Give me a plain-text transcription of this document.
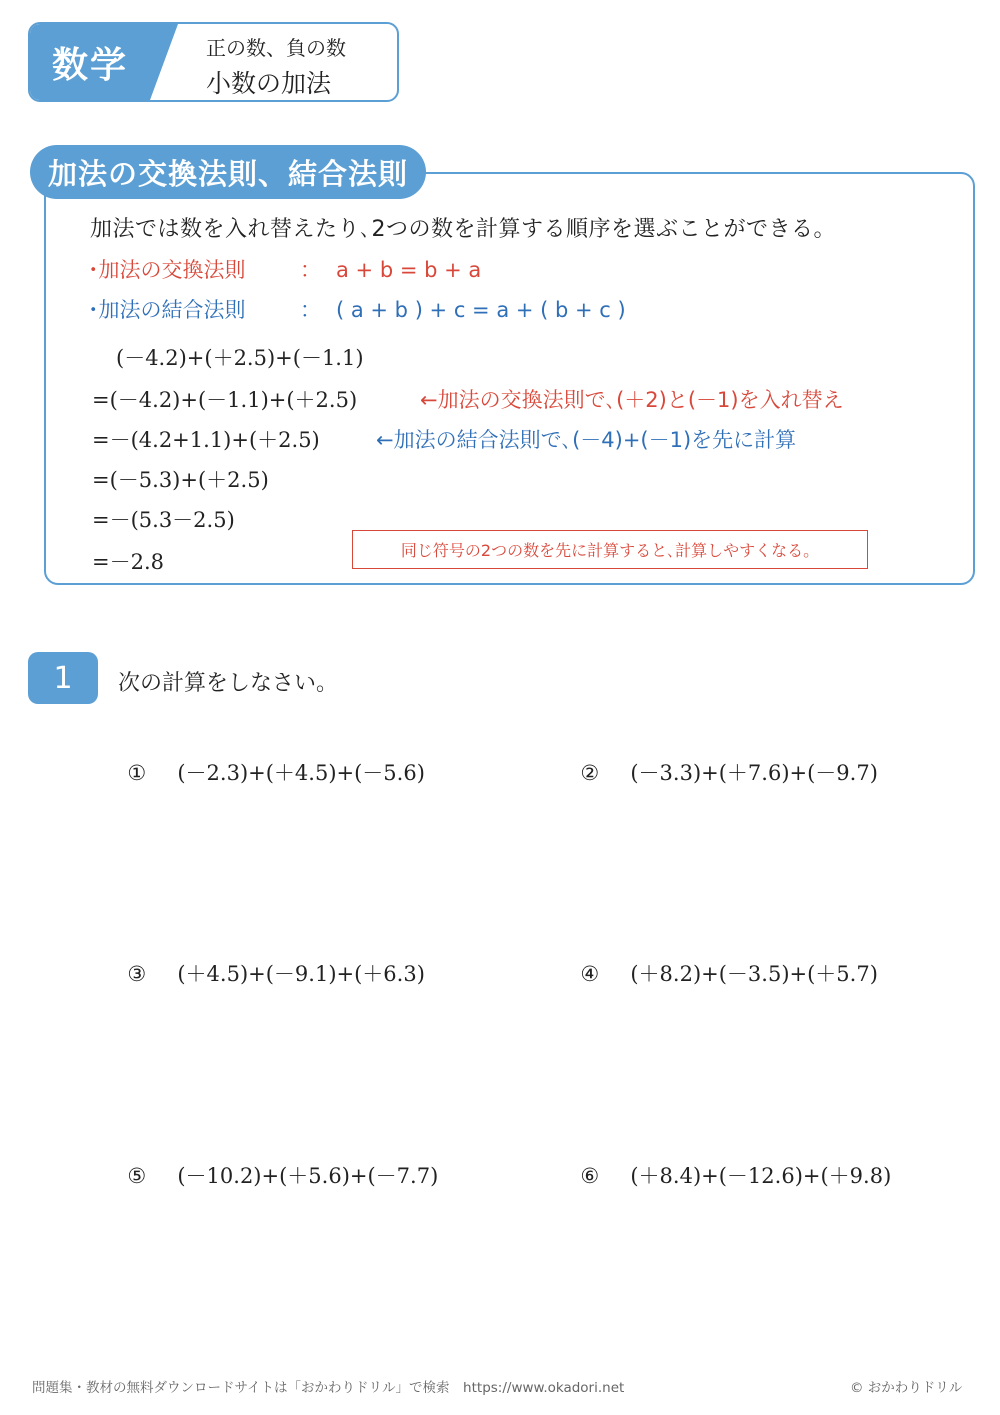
数学	正の数、負の数
小数の加法
加法の交換法則、結合法則
加法では数を入れ替えたり､2つの数を計算する順序を選ぶことができる。
･加法の交換法則	： a + b = b + a
･加法の結合法則	： ( a + b ) + c = a + ( b + c )
(－4.2)+(＋2.5)+(－1.1)
=(－4.2)+(－1.1)+(＋2.5)
=－(4.2+1.1)+(＋2.5)
=(－5.3)+(＋2.5)
=－(5.3－2.5)
=－2.8
←加法の交換法則で､(＋2)と(－1)を入れ替え
←加法の結合法則で､(－4)+(－1)を先に計算
同じ符号の2つの数を先に計算すると､計算しやすくなる。
1	次の計算をしなさい。

① (－2.3)+(＋4.5)+(－5.6)	② (－3.3)+(＋7.6)+(－9.7)

③ (＋4.5)+(－9.1)+(＋6.3)	④ (＋8.2)+(－3.5)+(＋5.7)

⑤ (－10.2)+(＋5.6)+(－7.7)	⑥ (＋8.4)+(－12.6)+(＋9.8)

問題集・教材の無料ダウンロードサイトは「おかわりドリル」で検索　https://www.okadori.net	© おかわりドリル
